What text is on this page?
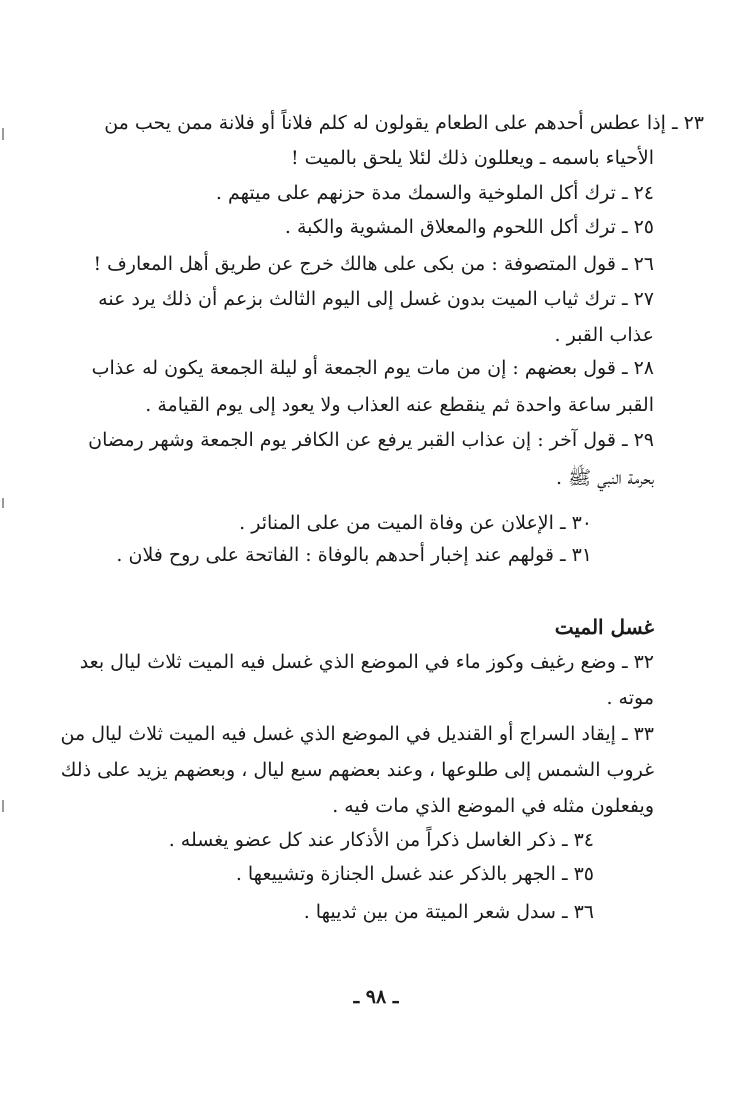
٢٣ ـ إذا عطس أحدهم على الطعام يقولون له كلم فلاناً أو فلانة ممن يحب من
الأحياء باسمه ـ ويعللون ذلك لئلا يلحق بالميت !
٢٤ ـ ترك أكل الملوخية والسمك مدة حزنهم على ميتهم .
٢٥ ـ ترك أكل اللحوم والمعلاق المشوية والكبة .
٢٦ ـ قول المتصوفة : من بكى على هالك خرج عن طريق أهل المعارف !
٢٧ ـ ترك ثياب الميت بدون غسل إلى اليوم الثالث بزعم أن ذلك يرد عنه
عذاب القبر .
٢٨ ـ قول بعضهم : إن من مات يوم الجمعة أو ليلة الجمعة يكون له عذاب
القبر ساعة واحدة ثم ينقطع عنه العذاب ولا يعود إلى يوم القيامة .
٢٩ ـ قول آخر : إن عذاب القبر يرفع عن الكافر يوم الجمعة وشهر رمضان
بحرمة النبي ﷺ .
٣٠ ـ الإعلان عن وفاة الميت من على المنائر .
٣١ ـ قولهم عند إخبار أحدهم بالوفاة : الفاتحة على روح فلان .
غسل الميت
٣٢ ـ وضع رغيف وكوز ماء في الموضع الذي غسل فيه الميت ثلاث ليال بعد
موته .
٣٣ ـ إيقاد السراج أو القنديل في الموضع الذي غسل فيه الميت ثلاث ليال من
غروب الشمس إلى طلوعها ، وعند بعضهم سبع ليال ، وبعضهم يزيد على ذلك
ويفعلون مثله في الموضع الذي مات فيه .
٣٤ ـ ذكر الغاسل ذكراً من الأذكار عند كل عضو يغسله .
٣٥ ـ الجهر بالذكر عند غسل الجنازة وتشييعها .
٣٦ ـ سدل شعر الميتة من بين ثدييها .
ـ ٩٨ ـ
